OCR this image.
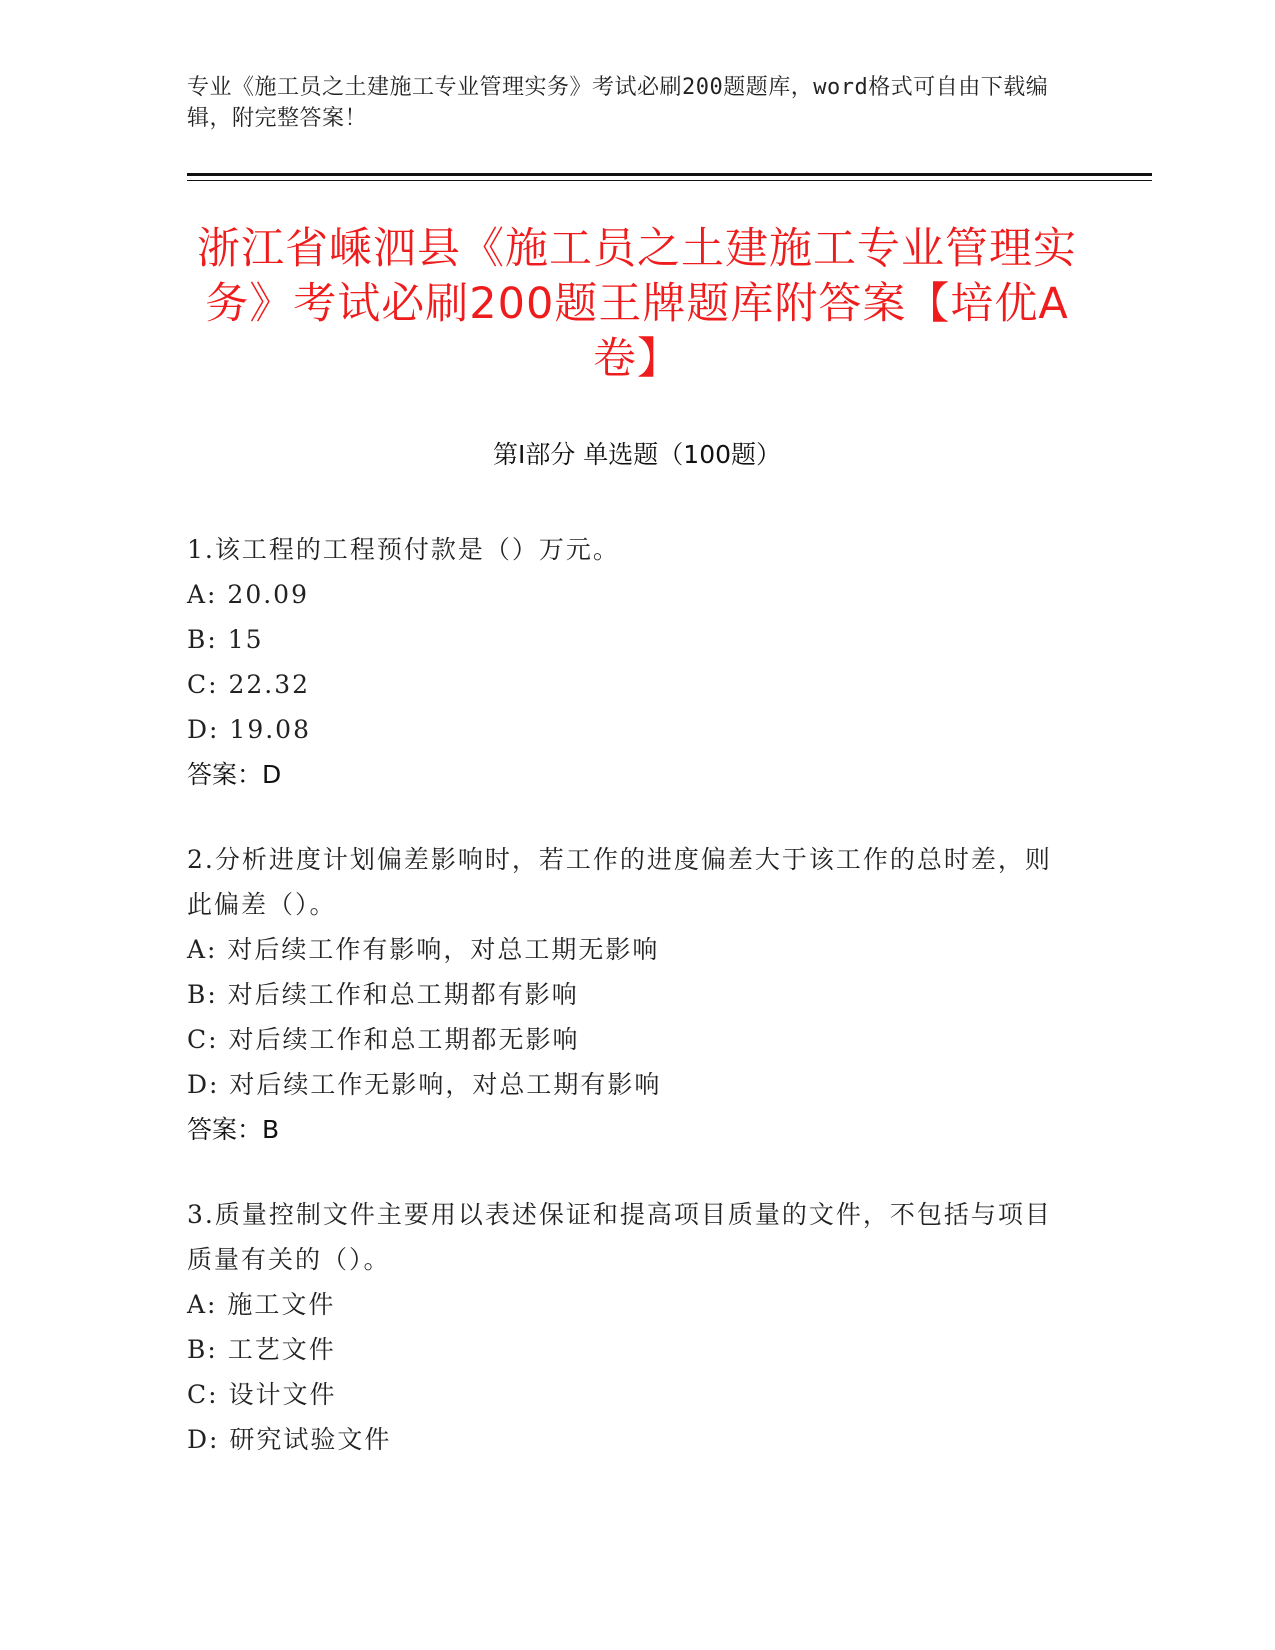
专业《施工员之土建施工专业管理实务》考试必刷200题题库，word格式可自由下载编辑，附完整答案！
浙江省嵊泗县《施工员之土建施工专业管理实务》考试必刷200题王牌题库附答案【培优A卷】
第I部分 单选题（100题）

1.该工程的工程预付款是（）万元。

A: 20.09

B: 15

C: 22.32

D: 19.08

答案：D

2.分析进度计划偏差影响时，若工作的进度偏差大于该工作的总时差，则此偏差（）。

A: 对后续工作有影响，对总工期无影响

B: 对后续工作和总工期都有影响

C: 对后续工作和总工期都无影响

D: 对后续工作无影响，对总工期有影响

答案：B

3.质量控制文件主要用以表述保证和提高项目质量的文件，不包括与项目质量有关的（）。

A: 施工文件

B: 工艺文件

C: 设计文件

D: 研究试验文件
